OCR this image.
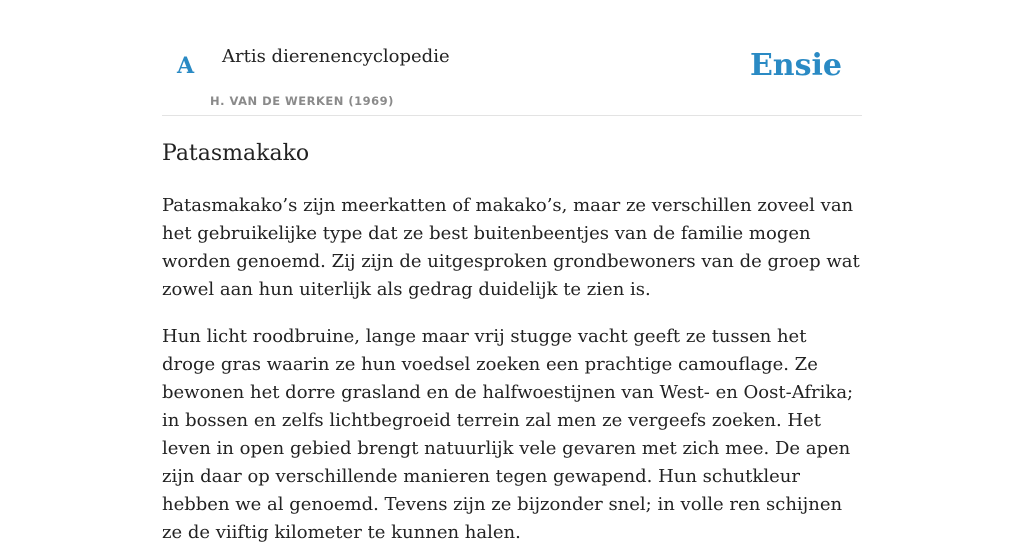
A Artis dierenencyclopedie
H. VAN DE WERKEN (1969)
Ensie
Patasmakako

Patasmakako’s zijn meerkatten of makako’s, maar ze verschillen zoveel van het gebruikelijke type dat ze best buitenbeentjes van de familie mogen worden genoemd. Zij zijn de uitgesproken grondbewoners van de groep wat zowel aan hun uiterlijk als gedrag duidelijk te zien is.

Hun licht roodbruine, lange maar vrij stugge vacht geeft ze tussen het droge gras waarin ze hun voedsel zoeken een prachtige camouflage. Ze bewonen het dorre grasland en de halfwoestijnen van West- en Oost-Afrika; in bossen en zelfs lichtbegroeid terrein zal men ze vergeefs zoeken. Het leven in open gebied brengt natuurlijk vele gevaren met zich mee. De apen zijn daar op verschillende manieren tegen gewapend. Hun schutkleur hebben we al genoemd. Tevens zijn ze bijzonder snel; in volle ren schijnen ze de viiftig kilometer te kunnen halen.
